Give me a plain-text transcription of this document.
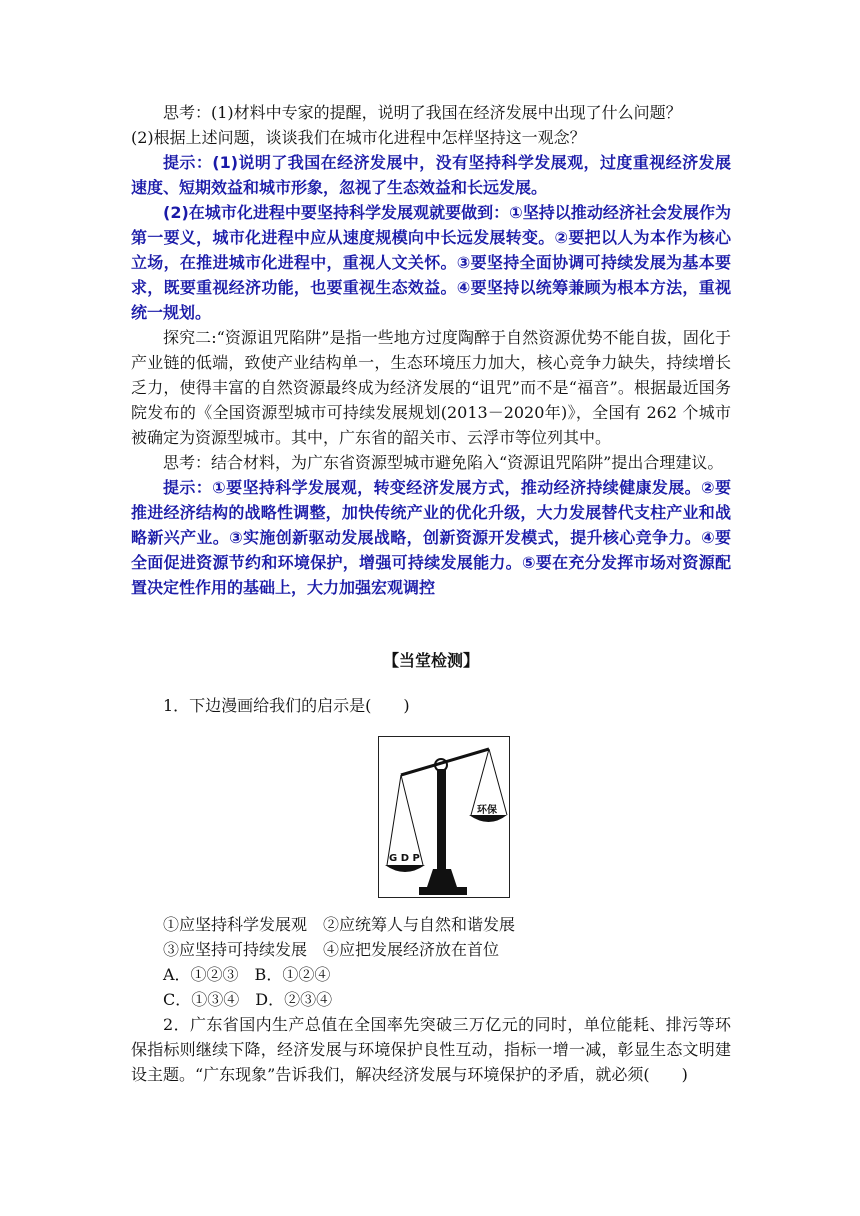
思考：(1)材料中专家的提醒，说明了我国在经济发展中出现了什么问题？

(2)根据上述问题，谈谈我们在城市化进程中怎样坚持这一观念？

提示：(1)说明了我国在经济发展中，没有坚持科学发展观，过度重视经济发展速度、短期效益和城市形象，忽视了生态效益和长远发展。

(2)在城市化进程中要坚持科学发展观就要做到：①坚持以推动经济社会发展作为第一要义，城市化进程中应从速度规模向中长远发展转变。②要把以人为本作为核心立场，在推进城市化进程中，重视人文关怀。③要坚持全面协调可持续发展为基本要求，既要重视经济功能，也要重视生态效益。④要坚持以统筹兼顾为根本方法，重视统一规划。

探究二:“资源诅咒陷阱”是指一些地方过度陶醉于自然资源优势不能自拔，固化于产业链的低端，致使产业结构单一，生态环境压力加大，核心竞争力缺失，持续增长乏力，使得丰富的自然资源最终成为经济发展的“诅咒”而不是“福音”。根据最近国务院发布的《全国资源型城市可持续发展规划(2013－2020年)》，全国有 262 个城市被确定为资源型城市。其中，广东省的韶关市、云浮市等位列其中。

思考：结合材料，为广东省资源型城市避免陷入“资源诅咒陷阱”提出合理建议。

提示：①要坚持科学发展观，转变经济发展方式，推动经济持续健康发展。②要推进经济结构的战略性调整，加快传统产业的优化升级，大力发展替代支柱产业和战略新兴产业。③实施创新驱动发展战略，创新资源开发模式，提升核心竞争力。④要全面促进资源节约和环境保护，增强可持续发展能力。⑤要在充分发挥市场对资源配置决定性作用的基础上，大力加强宏观调控

【当堂检测】

1．下边漫画给我们的启示是(　　)

G D P
环保

①应坚持科学发展观　②应统筹人与自然和谐发展

③应坚持可持续发展　④应把发展经济放在首位

A．①②③　B．①②④

C．①③④　D．②③④

2．广东省国内生产总值在全国率先突破三万亿元的同时，单位能耗、排污等环保指标则继续下降，经济发展与环境保护良性互动，指标一增一减，彰显生态文明建设主题。“广东现象”告诉我们，解决经济发展与环境保护的矛盾，就必须(　　)
